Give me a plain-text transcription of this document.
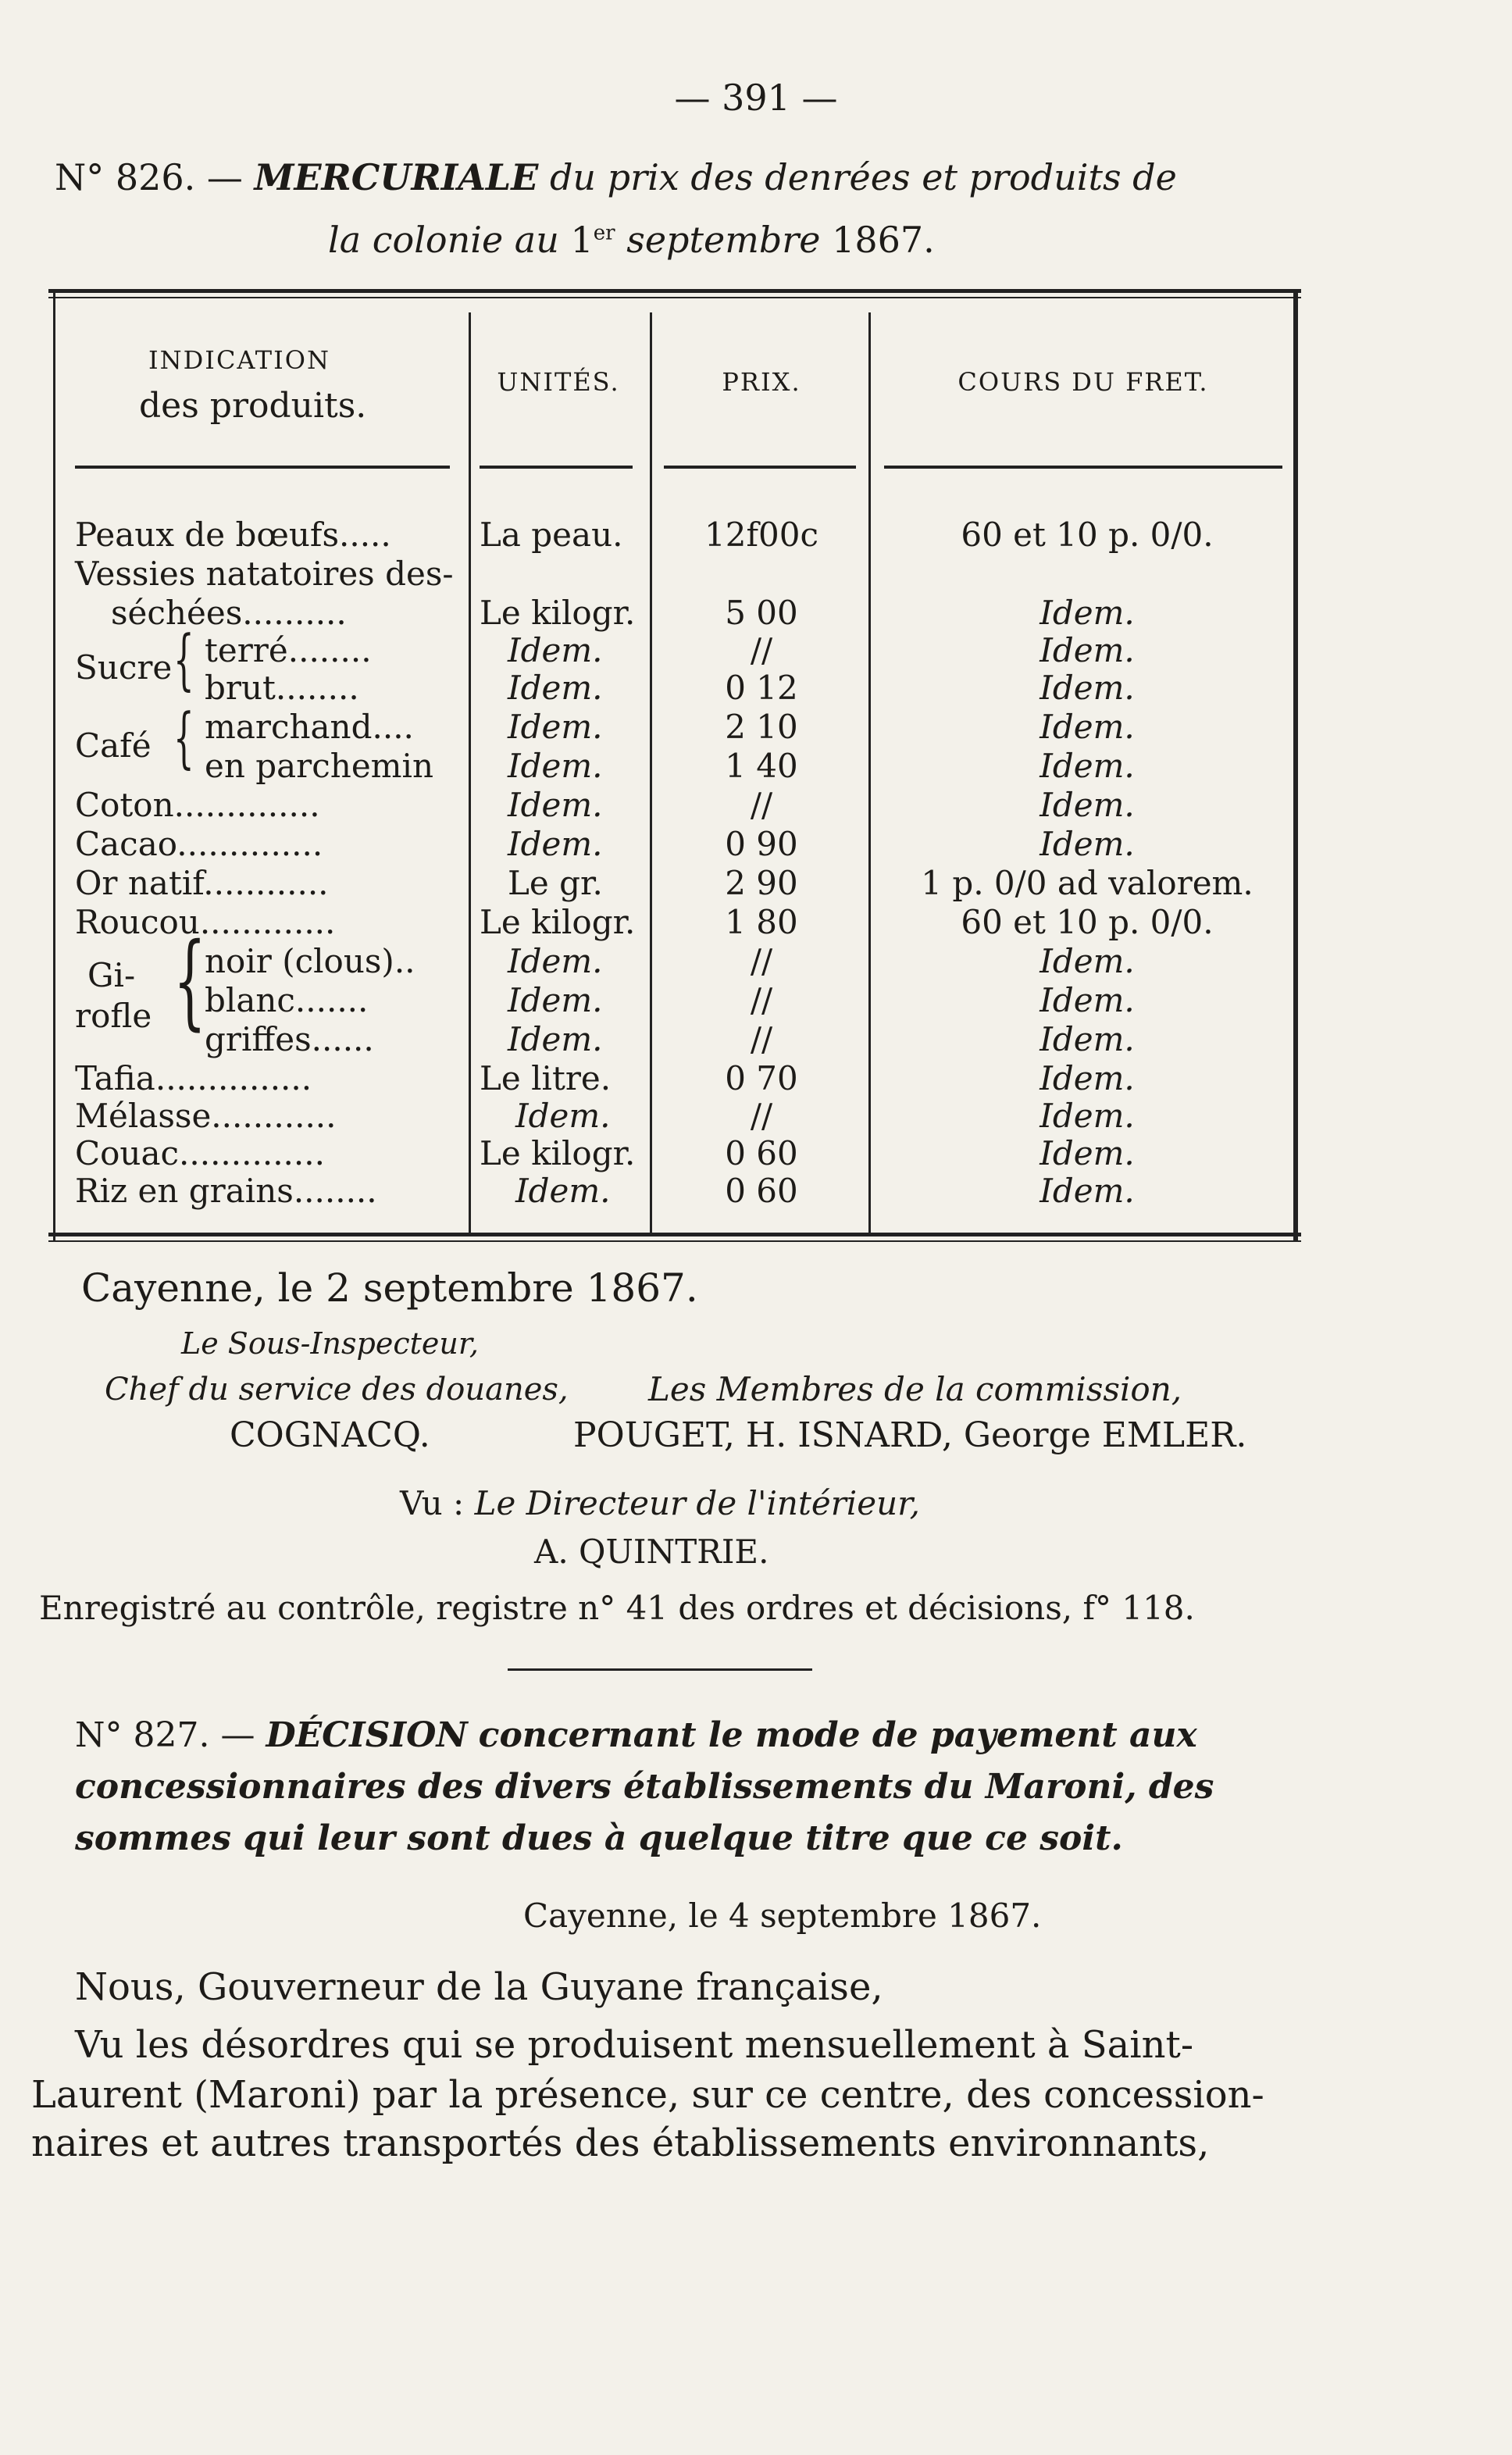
— 391 —
N° 826. — MERCURIALE du prix des denrées et produits de
la colonie au 1er septembre 1867.
INDICATION
des produits.
UNITÉS.	PRIX.	COURS DU FRET.
Peaux de bœufs.....	La peau.	12f00c	60 et 10 p. 0/0.
Vessies natatoires des-
séchées..........	Le kilogr.	5 00	Idem.
Sucre { terré........	Idem.	//	Idem.
brut........	Idem.	0 12	Idem.
Café { marchand....	Idem.	2 10	Idem.
en parchemin Idem.	1 40	Idem.
Coton..............	Idem.	//	Idem.
Cacao..............	Idem.	0 90	Idem.
Or natif............	Le gr.	2 90	1 p. 0/0 ad valorem.
Roucou.............	Le kilogr.	1 80	60 et 10 p. 0/0.
Gi-
rofle {
noir (clous)..	Idem.	//	Idem.
blanc.......	Idem.	//	Idem.
griffes......	Idem.	//	Idem.
Tafia...............	Le litre.	0 70	Idem.
Mélasse............	Idem.	//	Idem.
Couac..............	Le kilogr.	0 60	Idem.
Riz en grains........	Idem.	0 60	Idem.
Cayenne, le 2 septembre 1867.
Le Sous-Inspecteur,
Chef du service des douanes, Les Membres de la commission,
COGNACQ.	POUGET, H. ISNARD, George EMLER.
Vu : Le Directeur de l'intérieur,
A. QUINTRIE.
Enregistré au contrôle, registre n° 41 des ordres et décisions, f° 118.
N° 827. — DÉCISION concernant le mode de payement aux
concessionnaires des divers établissements du Maroni, des
sommes qui leur sont dues à quelque titre que ce soit.
Cayenne, le 4 septembre 1867.
Nous, Gouverneur de la Guyane française,
Vu les désordres qui se produisent mensuellement à Saint-
Laurent (Maroni) par la présence, sur ce centre, des concession-
naires et autres transportés des établissements environnants,
